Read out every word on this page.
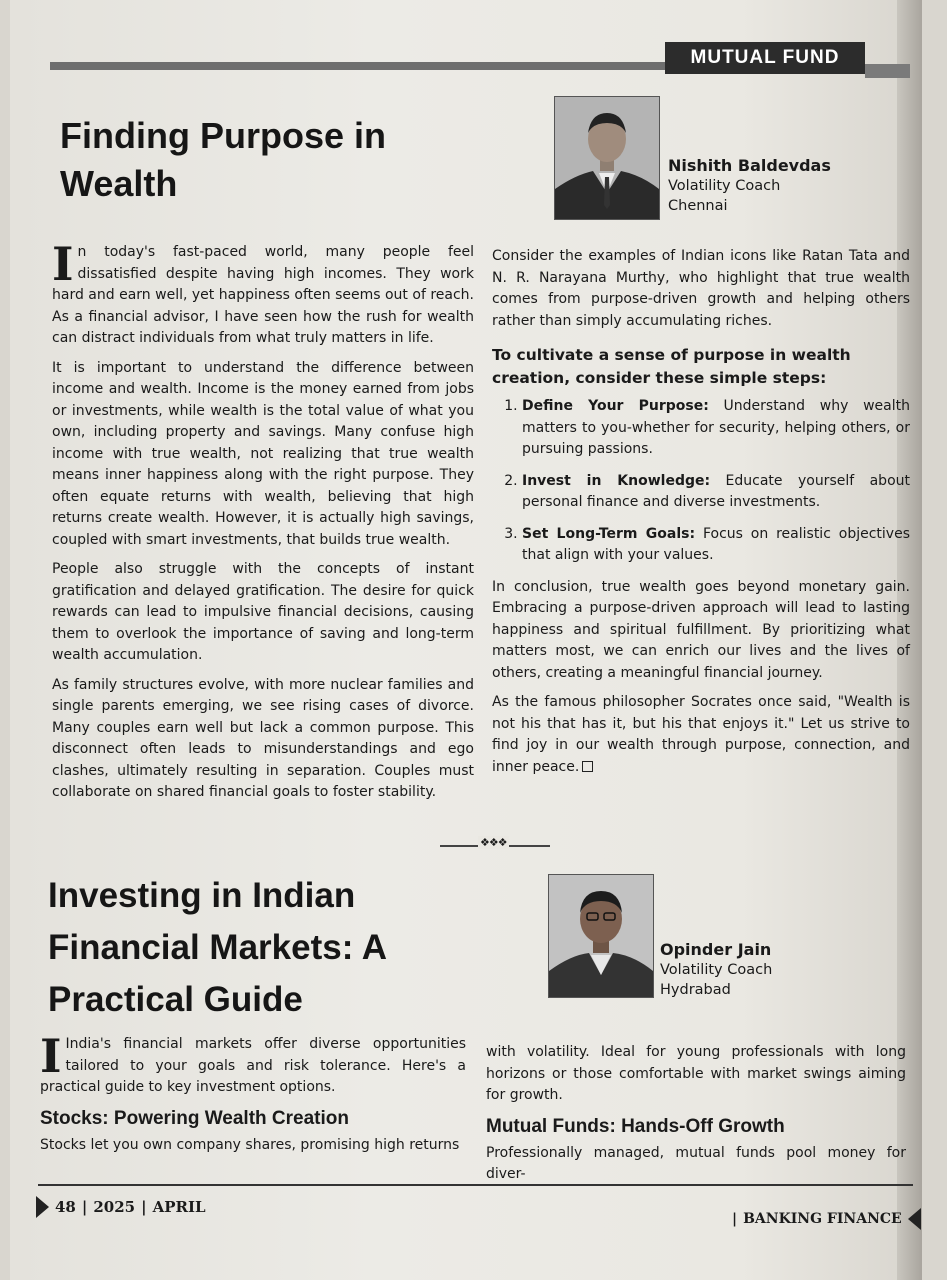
MUTUAL FUND
Finding Purpose in Wealth	Nishith Baldevdas
Volatility Coach
Chennai

In today's fast-paced world, many people feel dissatisfied despite having high incomes. They work hard and earn well, yet happiness often seems out of reach. As a financial advisor, I have seen how the rush for wealth can distract individuals from what truly matters in life.

It is important to understand the difference between income and wealth. Income is the money earned from jobs or investments, while wealth is the total value of what you own, including property and savings. Many confuse high income with true wealth, not realizing that true wealth means inner happiness along with the right purpose. They often equate returns with wealth, believing that high returns create wealth. However, it is actually high savings, coupled with smart investments, that builds true wealth.

People also struggle with the concepts of instant gratification and delayed gratification. The desire for quick rewards can lead to impulsive financial decisions, causing them to overlook the importance of saving and long-term wealth accumulation.

As family structures evolve, with more nuclear families and single parents emerging, we see rising cases of divorce. Many couples earn well but lack a common purpose. This disconnect often leads to misunderstandings and ego clashes, ultimately resulting in separation. Couples must collaborate on shared financial goals to foster stability.

Consider the examples of Indian icons like Ratan Tata and N. R. Narayana Murthy, who highlight that true wealth comes from purpose-driven growth and helping others rather than simply accumulating riches.

To cultivate a sense of purpose in wealth creation, consider these simple steps:
1. Define Your Purpose: Understand why wealth matters to you-whether for security, helping others, or pursuing passions.
2. Invest in Knowledge: Educate yourself about personal finance and diverse investments.
3. Set Long-Term Goals: Focus on realistic objectives that align with your values.

In conclusion, true wealth goes beyond monetary gain. Embracing a purpose-driven approach will lead to lasting happiness and spiritual fulfillment. By prioritizing what matters most, we can enrich our lives and the lives of others, creating a meaningful financial journey.

As the famous philosopher Socrates once said, "Wealth is not his that has it, but his that enjoys it." Let us strive to find joy in our wealth through purpose, connection, and inner peace.

❖❖❖
Investing in Indian Financial Markets: A Practical Guide
Opinder Jain
Volatility Coach
Hydrabad

I India's financial markets offer diverse opportunities tailored to your goals and risk tolerance. Here's a practical guide to key investment options.

Stocks: Powering Wealth Creation

Stocks let you own company shares, promising high returns

with volatility. Ideal for young professionals with long horizons or those comfortable with market swings aiming for growth.

Mutual Funds: Hands-Off Growth

Professionally managed, mutual funds pool money for diver-

48 | 2025 | APRIL
| BANKING FINANCE
